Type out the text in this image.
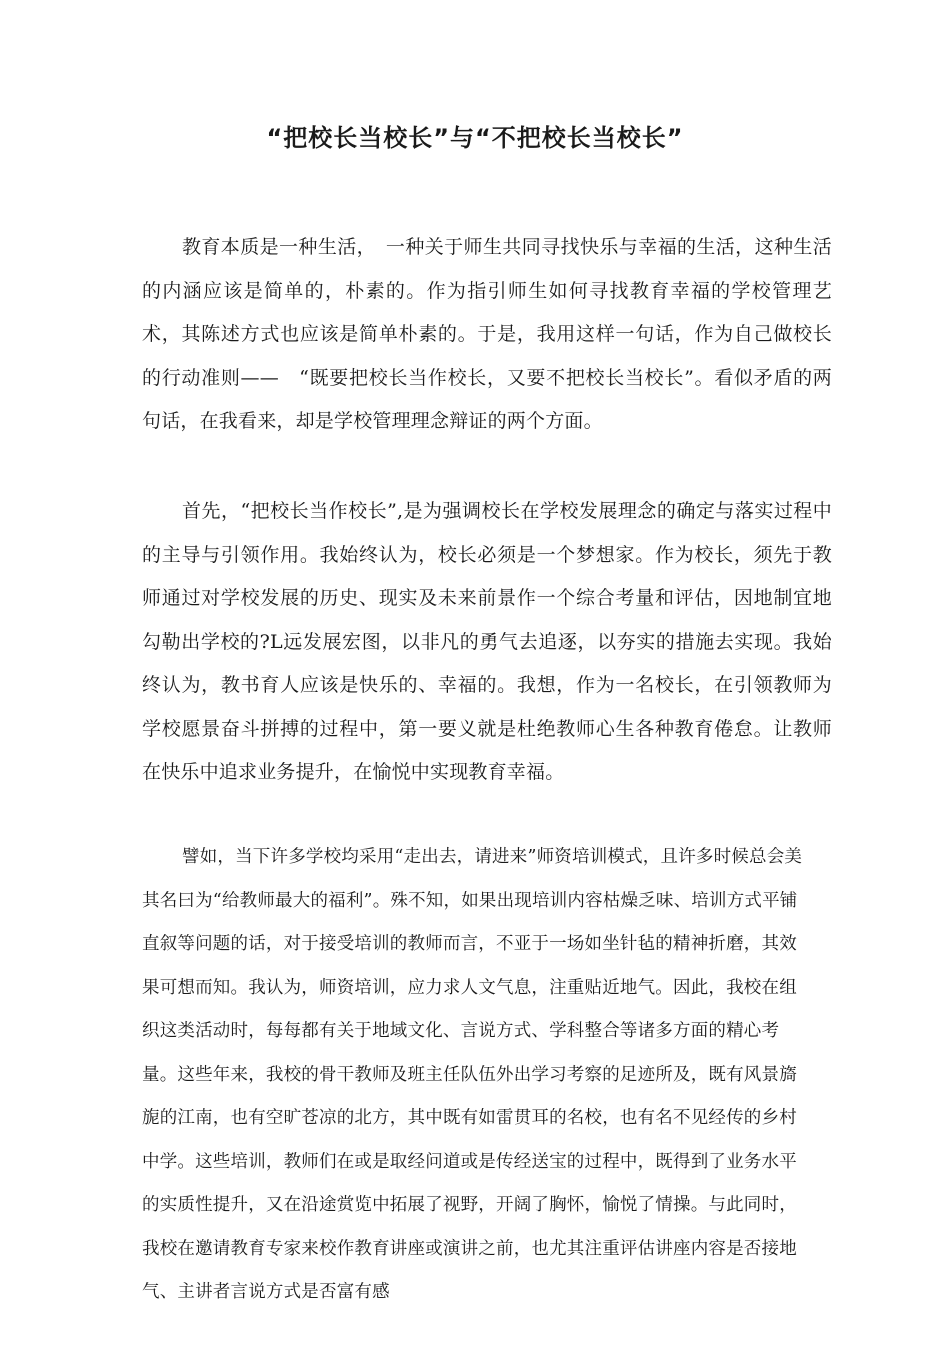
“把校长当校长”与“不把校长当校长”

教育本质是一种生活，　一种关于师生共同寻找快乐与幸福的生活，这种生活的内涵应该是简单的，朴素的。作为指引师生如何寻找教育幸福的学校管理艺术，其陈述方式也应该是简单朴素的。于是，我用这样一句话，作为自己做校长的行动准则——　“既要把校长当作校长，又要不把校长当校长”。看似矛盾的两句话，在我看来，却是学校管理理念辩证的两个方面。

首先，“把校长当作校长”,是为强调校长在学校发展理念的确定与落实过程中的主导与引领作用。我始终认为，校长必须是一个梦想家。作为校长，须先于教师通过对学校发展的历史、现实及未来前景作一个综合考量和评估，因地制宜地勾勒出学校的?L远发展宏图，以非凡的勇气去追逐，以夯实的措施去实现。我始终认为，教书育人应该是快乐的、幸福的。我想，作为一名校长，在引领教师为学校愿景奋斗拼搏的过程中，第一要义就是杜绝教师心生各种教育倦怠。让教师在快乐中追求业务提升，在愉悦中实现教育幸福。

譬如，当下许多学校均采用“走出去，请进来”师资培训模式，且许多时候总会美其名曰为“给教师最大的福利”。殊不知，如果出现培训内容枯燥乏味、培训方式平铺直叙等问题的话，对于接受培训的教师而言，不亚于一场如坐针毡的精神折磨，其效果可想而知。我认为，师资培训，应力求人文气息，注重贴近地气。因此，我校在组织这类活动时，每每都有关于地域文化、言说方式、学科整合等诸多方面的精心考量。这些年来，我校的骨干教师及班主任队伍外出学习考察的足迹所及，既有风景旖旎的江南，也有空旷苍凉的北方，其中既有如雷贯耳的名校，也有名不见经传的乡村中学。这些培训，教师们在或是取经问道或是传经送宝的过程中，既得到了业务水平的实质性提升，又在沿途赏览中拓展了视野，开阔了胸怀，愉悦了情操。与此同时，我校在邀请教育专家来校作教育讲座或演讲之前，也尤其注重评估讲座内容是否接地气、主讲者言说方式是否富有感
